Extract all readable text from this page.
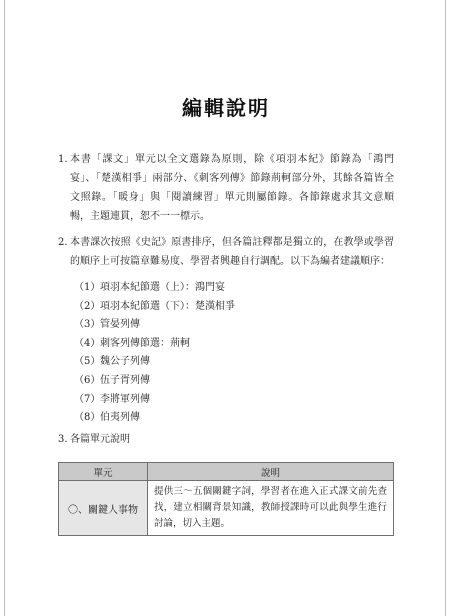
編輯說明
1. 本書「課文」單元以全文選錄為原則，除《項羽本紀》節錄為「鴻門宴」、「楚漢相爭」兩部分、《刺客列傳》節錄荊軻部分外，其餘各篇皆全文照錄。「暖身」與「閱讀練習」單元則屬節錄。各節錄處求其文意順暢，主題連貫，恕不一一標示。
2. 本書課次按照《史記》原書排序，但各篇註釋都是獨立的，在教學或學習的順序上可按篇章難易度、學習者興趣自行調配。以下為編者建議順序：
（1）項羽本紀節選（上）：鴻門宴
（2）項羽本紀節選（下）：楚漢相爭
（3）管晏列傳
（4）刺客列傳節選：荊軻
（5）魏公子列傳
（6）伍子胥列傳
（7）李將軍列傳
（8）伯夷列傳
3. 各篇單元說明
單元	說明
〇、關鍵人事物	提供三～五個關鍵字詞，學習者在進入正式課文前先查找，建立相關背景知識，教師授課時可以此與學生進行討論，切入主題。
